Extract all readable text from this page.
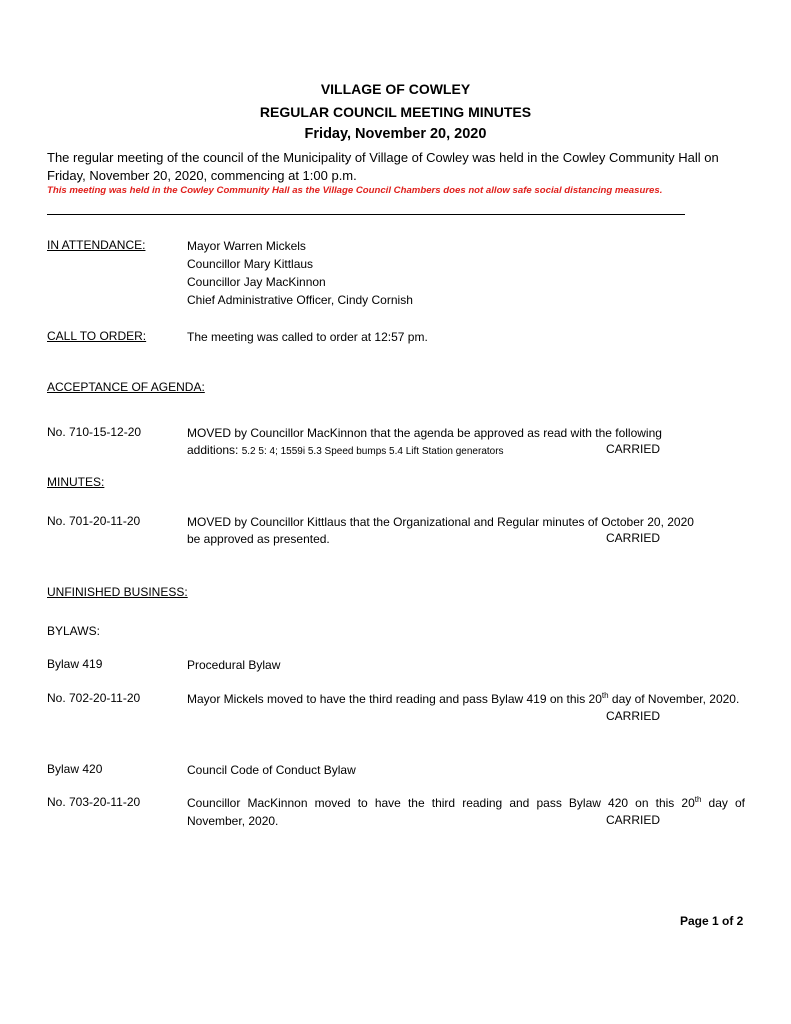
VILLAGE OF COWLEY
REGULAR COUNCIL MEETING MINUTES
Friday, November 20, 2020
The regular meeting of the council of the Municipality of Village of Cowley was held in the Cowley Community Hall on Friday, November 20, 2020, commencing at 1:00 p.m.
This meeting was held in the Cowley Community Hall as the Village Council Chambers does not allow safe social distancing measures.
IN ATTENDANCE:	Mayor Warren Mickels
Councillor Mary Kittlaus
Councillor Jay MacKinnon
Chief Administrative Officer, Cindy Cornish
CALL TO ORDER:	The meeting was called to order at 12:57 pm.
ACCEPTANCE OF AGENDA:
No. 710-15-12-20	MOVED by Councillor MacKinnon that the agenda be approved as read with the following
additions: 5.2 5: 4; 1559i 5.3 Speed bumps 5.4 Lift Station generators	CARRIED
MINUTES:
No. 701-20-11-20	MOVED by Councillor Kittlaus that the Organizational and Regular minutes of October 20, 2020
be approved as presented.	CARRIED
UNFINISHED BUSINESS:
BYLAWS:
Bylaw 419	Procedural Bylaw
No. 702-20-11-20	Mayor Mickels moved to have the third reading and pass Bylaw 419 on this 20th day of November, 2020.
CARRIED
Bylaw 420	Council Code of Conduct Bylaw
No. 703-20-11-20	Councillor MacKinnon moved to have the third reading and pass Bylaw 420 on this 20th day of November, 2020.	CARRIED
Page 1 of 2
